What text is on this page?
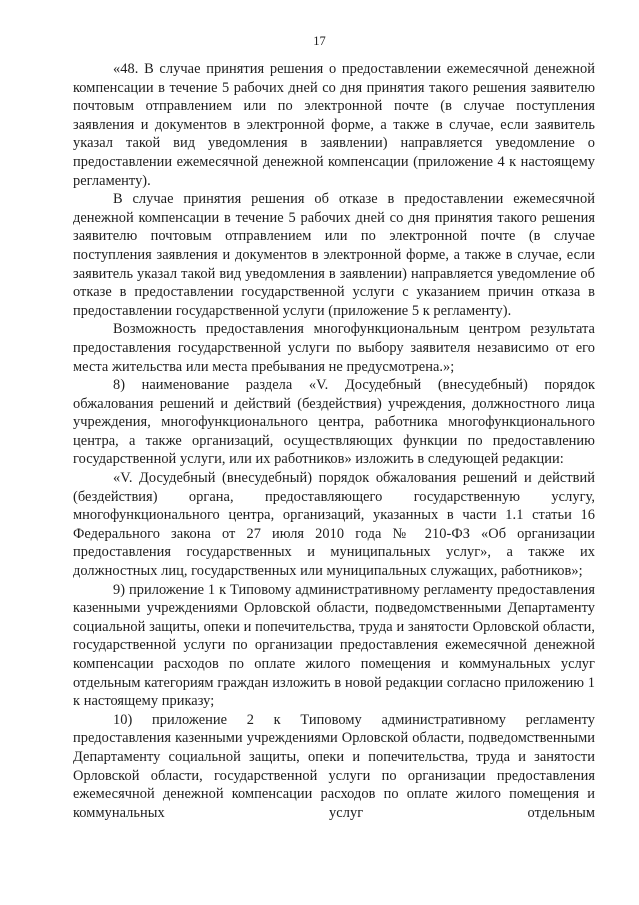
17

«48. В случае принятия решения о предоставлении ежемесячной денежной компенсации в течение 5 рабочих дней со дня принятия такого решения заявителю почтовым отправлением или по электронной почте (в случае поступления заявления и документов в электронной форме, а также в случае, если заявитель указал такой вид уведомления в заявлении) направляется уведомление о предоставлении ежемесячной денежной компенсации (приложение 4 к настоящему регламенту).

В случае принятия решения об отказе в предоставлении ежемесячной денежной компенсации в течение 5 рабочих дней со дня принятия такого решения заявителю почтовым отправлением или по электронной почте (в случае поступления заявления и документов в электронной форме, а также в случае, если заявитель указал такой вид уведомления в заявлении) направляется уведомление об отказе в предоставлении государственной услуги с указанием причин отказа в предоставлении государственной услуги (приложение 5 к регламенту).

Возможность предоставления многофункциональным центром результата предоставления государственной услуги по выбору заявителя независимо от его места жительства или места пребывания не предусмотрена.»;

8) наименование раздела «V. Досудебный (внесудебный) порядок обжалования решений и действий (бездействия) учреждения, должностного лица учреждения, многофункционального центра, работника многофункционального центра, а также организаций, осуществляющих функции по предоставлению государственной услуги, или их работников» изложить в следующей редакции:

«V. Досудебный (внесудебный) порядок обжалования решений и действий (бездействия) органа, предоставляющего государственную услугу, многофункционального центра, организаций, указанных в части 1.1 статьи 16 Федерального закона от 27 июля 2010 года № 210-ФЗ «Об организации предоставления государственных и муниципальных услуг», а также их должностных лиц, государственных или муниципальных служащих, работников»;

9) приложение 1 к Типовому административному регламенту предоставления казенными учреждениями Орловской области, подведомственными Департаменту социальной защиты, опеки и попечительства, труда и занятости Орловской области, государственной услуги по организации предоставления ежемесячной денежной компенсации расходов по оплате жилого помещения и коммунальных услуг отдельным категориям граждан изложить в новой редакции согласно приложению 1 к настоящему приказу;

10) приложение 2 к Типовому административному регламенту предоставления казенными учреждениями Орловской области, подведомственными Департаменту социальной защиты, опеки и попечительства, труда и занятости Орловской области, государственной услуги по организации предоставления ежемесячной денежной компенсации расходов по оплате жилого помещения и коммунальных услуг отдельным
